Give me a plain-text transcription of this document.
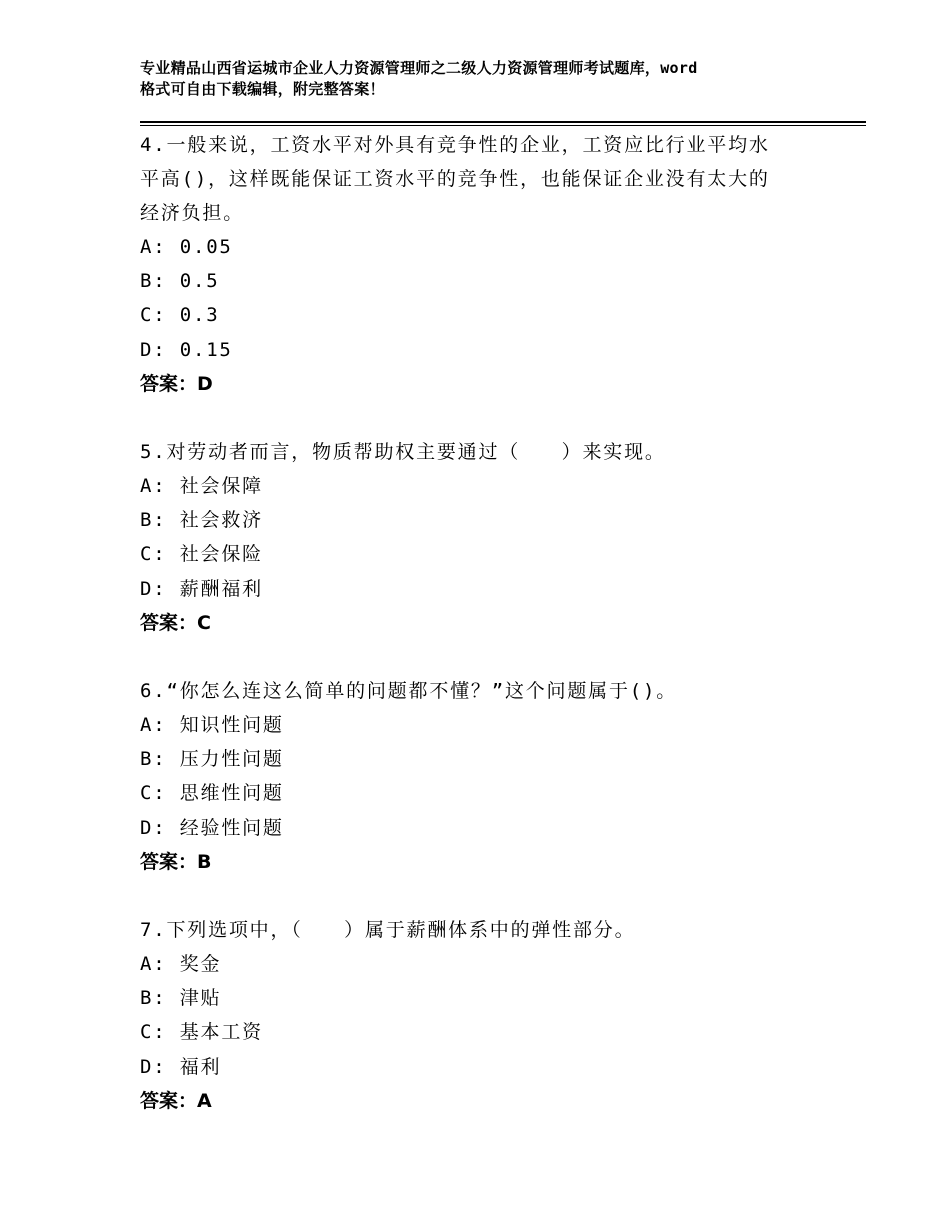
专业精品山西省运城市企业人力资源管理师之二级人力资源管理师考试题库，word
格式可自由下载编辑，附完整答案！

4.一般来说，工资水平对外具有竞争性的企业，工资应比行业平均水

平高()，这样既能保证工资水平的竞争性，也能保证企业没有太大的

经济负担。

A: 0.05

B: 0.5

C: 0.3

D: 0.15

答案：D

5.对劳动者而言，物质帮助权主要通过（　　）来实现。

A: 社会保障

B: 社会救济

C: 社会保险

D: 薪酬福利

答案：C

6.“你怎么连这么简单的问题都不懂？”这个问题属于()。

A: 知识性问题

B: 压力性问题

C: 思维性问题

D: 经验性问题

答案：B

7.下列选项中，（　　）属于薪酬体系中的弹性部分。

A: 奖金

B: 津贴

C: 基本工资

D: 福利

答案：A
